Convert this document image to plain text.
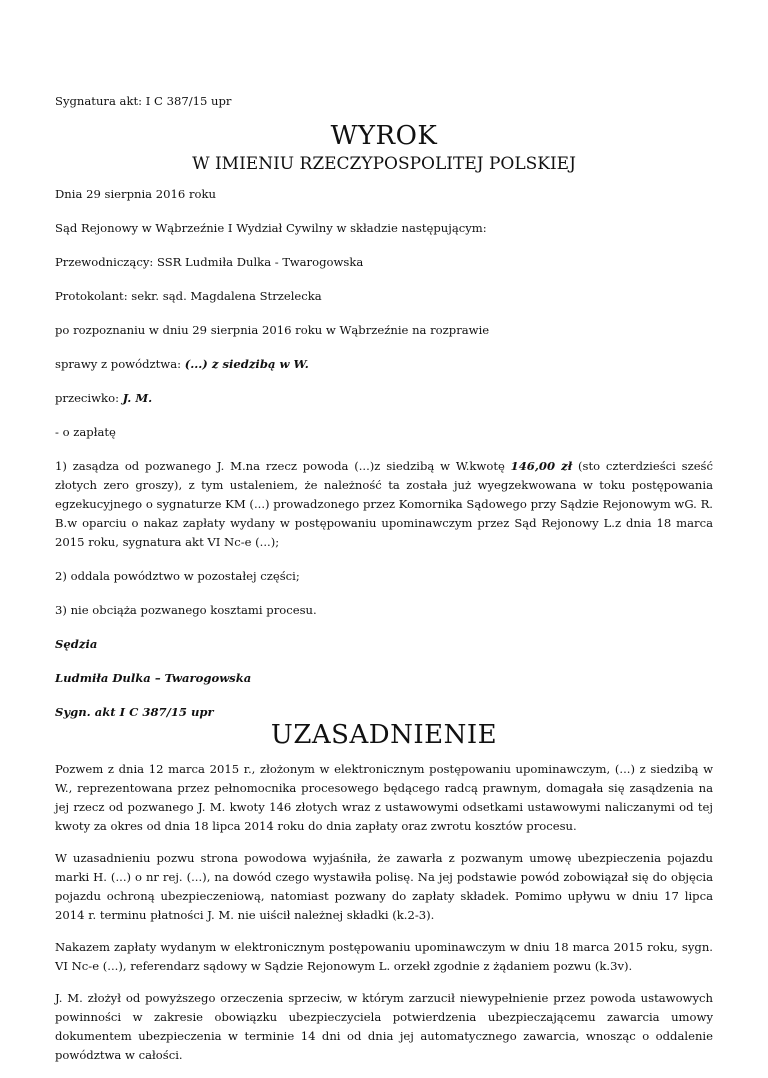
Sygnatura akt: I C 387/15 upr

WYROK
W IMIENIU RZECZYPOSPOLITEJ POLSKIEJ

Dnia 29 sierpnia 2016 roku

Sąd Rejonowy w Wąbrzeźnie I Wydział Cywilny w składzie następującym:

Przewodniczący: SSR Ludmiła Dulka - Twarogowska

Protokolant: sekr. sąd. Magdalena Strzelecka

po rozpoznaniu w dniu 29 sierpnia 2016 roku w Wąbrzeźnie na rozprawie

sprawy z powództwa: (...) z siedzibą w W.

przeciwko: J. M.

- o zapłatę

1) zasądza od pozwanego J. M.na rzecz powoda (...)z siedzibą w W.kwotę 146,00 zł (sto czterdzieści sześć złotych zero groszy), z tym ustaleniem, że należność ta została już wyegzekwowana w toku postępowania egzekucyjnego o sygnaturze KM (...) prowadzonego przez Komornika Sądowego przy Sądzie Rejonowym wG. R. B.w oparciu o nakaz zapłaty wydany w postępowaniu upominawczym przez Sąd Rejonowy L.z dnia 18 marca 2015 roku, sygnatura akt VI Nc-e (...);

2) oddala powództwo w pozostałej części;

3) nie obciąża pozwanego kosztami procesu.

Sędzia

Ludmiła Dulka – Twarogowska

Sygn. akt I C 387/15 upr

UZASADNIENIE

Pozwem z dnia 12 marca 2015 r., złożonym w elektronicznym postępowaniu upominawczym, (...) z siedzibą w W., reprezentowana przez pełnomocnika procesowego będącego radcą prawnym, domagała się zasądzenia na jej rzecz od pozwanego J. M. kwoty 146 złotych wraz z ustawowymi odsetkami ustawowymi naliczanymi od tej kwoty za okres od dnia 18 lipca 2014 roku do dnia zapłaty oraz zwrotu kosztów procesu.

W uzasadnieniu pozwu strona powodowa wyjaśniła, że zawarła z pozwanym umowę ubezpieczenia pojazdu marki H. (...) o nr rej. (...), na dowód czego wystawiła polisę. Na jej podstawie powód zobowiązał się do objęcia pojazdu ochroną ubezpieczeniową, natomiast pozwany do zapłaty składek. Pomimo upływu w dniu 17 lipca 2014 r. terminu płatności J. M. nie uiścił należnej składki (k.2-3).

Nakazem zapłaty wydanym w elektronicznym postępowaniu upominawczym w dniu 18 marca 2015 roku, sygn. VI Nc-e (...), referendarz sądowy w Sądzie Rejonowym L. orzekł zgodnie z żądaniem pozwu (k.3v).

J. M. złożył od powyższego orzeczenia sprzeciw, w którym zarzucił niewypełnienie przez powoda ustawowych powinności w zakresie obowiązku ubezpieczyciela potwierdzenia ubezpieczającemu zawarcia umowy dokumentem ubezpieczenia w terminie 14 dni od dnia jej automatycznego zawarcia, wnosząc o oddalenie powództwa w całości.
